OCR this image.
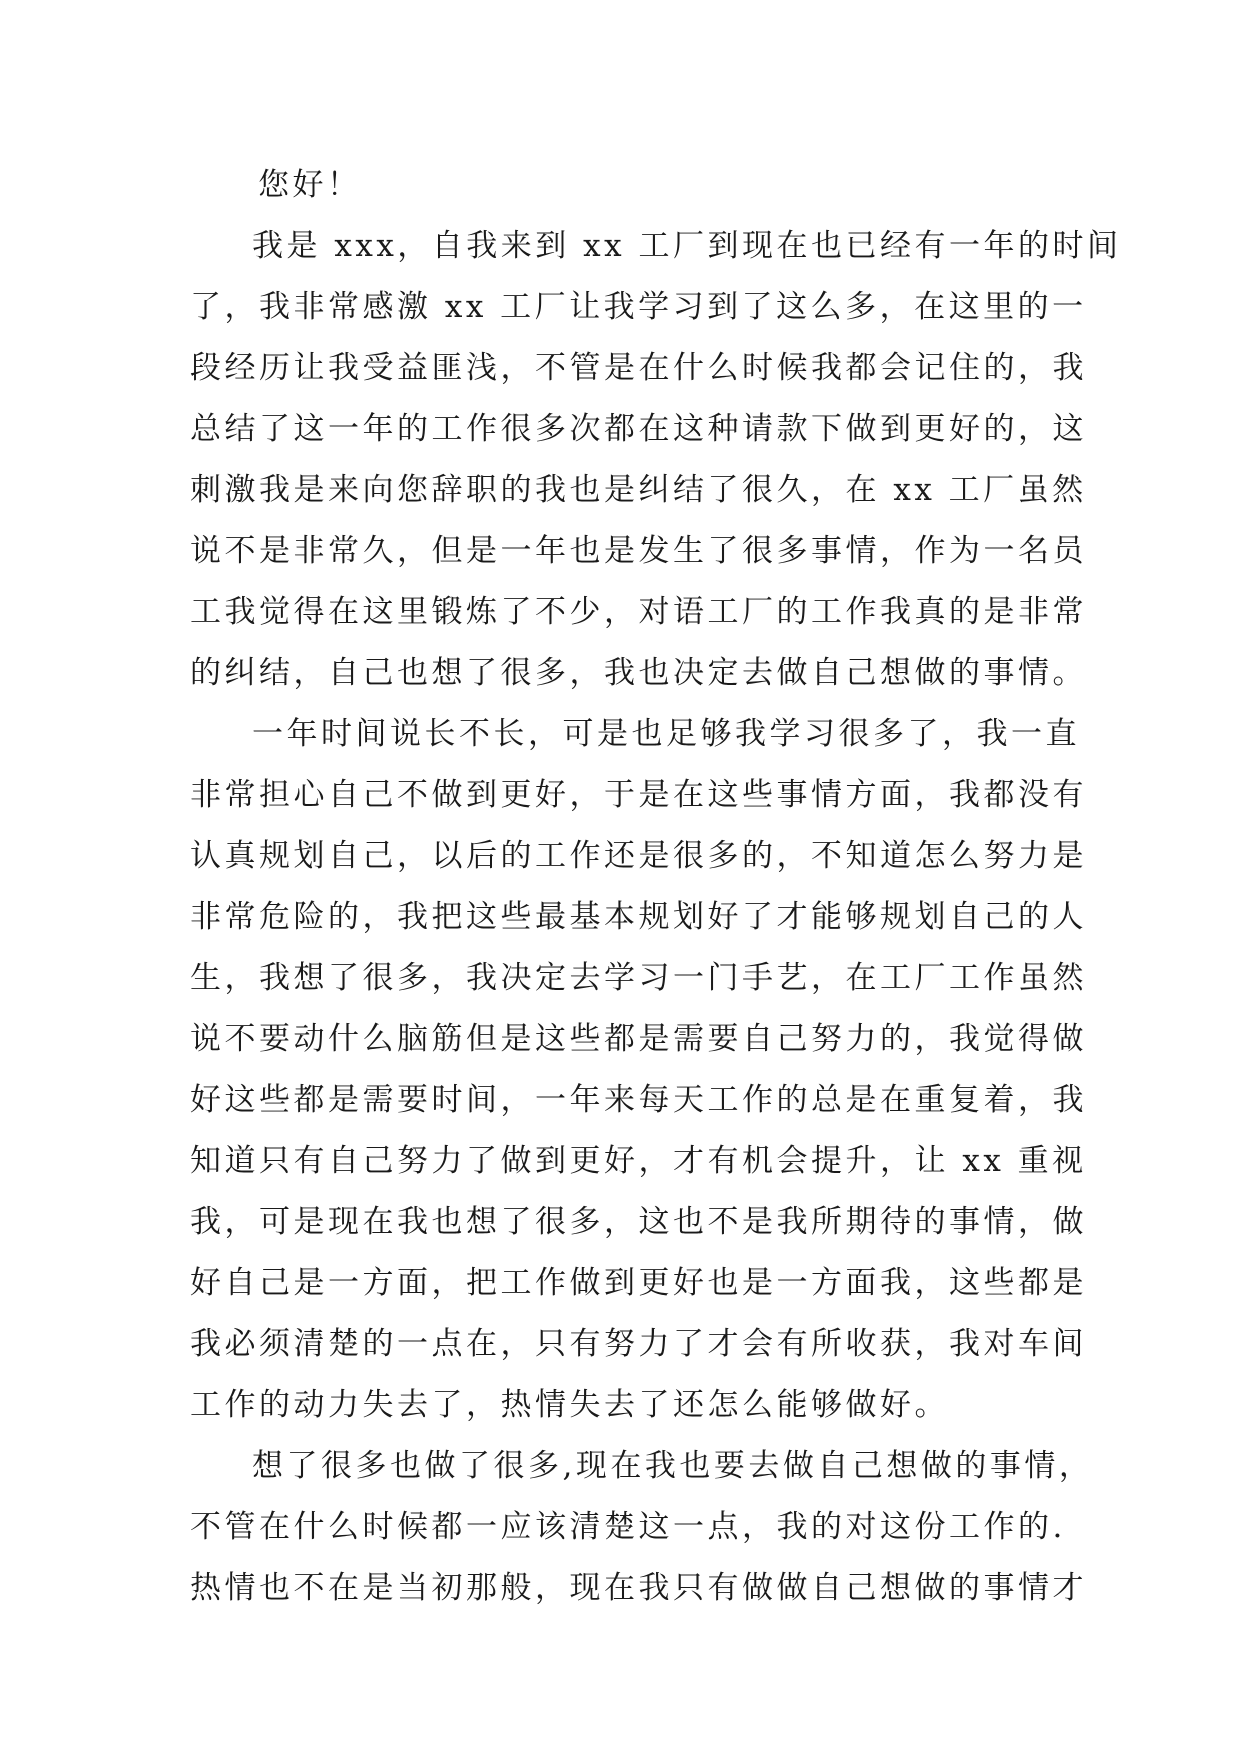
您好！
我是 xxx，自我来到 xx 工厂到现在也已经有一年的时间
了，我非常感激 xx 工厂让我学习到了这么多，在这里的一
段经历让我受益匪浅，不管是在什么时候我都会记住的，我
总结了这一年的工作很多次都在这种请款下做到更好的，这
刺激我是来向您辞职的我也是纠结了很久，在 xx 工厂虽然
说不是非常久，但是一年也是发生了很多事情，作为一名员
工我觉得在这里锻炼了不少，对语工厂的工作我真的是非常
的纠结，自己也想了很多，我也决定去做自己想做的事情。
一年时间说长不长，可是也足够我学习很多了，我一直
非常担心自己不做到更好，于是在这些事情方面，我都没有
认真规划自己，以后的工作还是很多的，不知道怎么努力是
非常危险的，我把这些最基本规划好了才能够规划自己的人
生，我想了很多，我决定去学习一门手艺，在工厂工作虽然
说不要动什么脑筋但是这些都是需要自己努力的，我觉得做
好这些都是需要时间，一年来每天工作的总是在重复着，我
知道只有自己努力了做到更好，才有机会提升，让 xx 重视
我，可是现在我也想了很多，这也不是我所期待的事情，做
好自己是一方面，把工作做到更好也是一方面我，这些都是
我必须清楚的一点在，只有努力了才会有所收获，我对车间
工作的动力失去了，热情失去了还怎么能够做好。
想了很多也做了很多,现在我也要去做自己想做的事情，
不管在什么时候都一应该清楚这一点，我的对这份工作的.
热情也不在是当初那般，现在我只有做做自己想做的事情才
